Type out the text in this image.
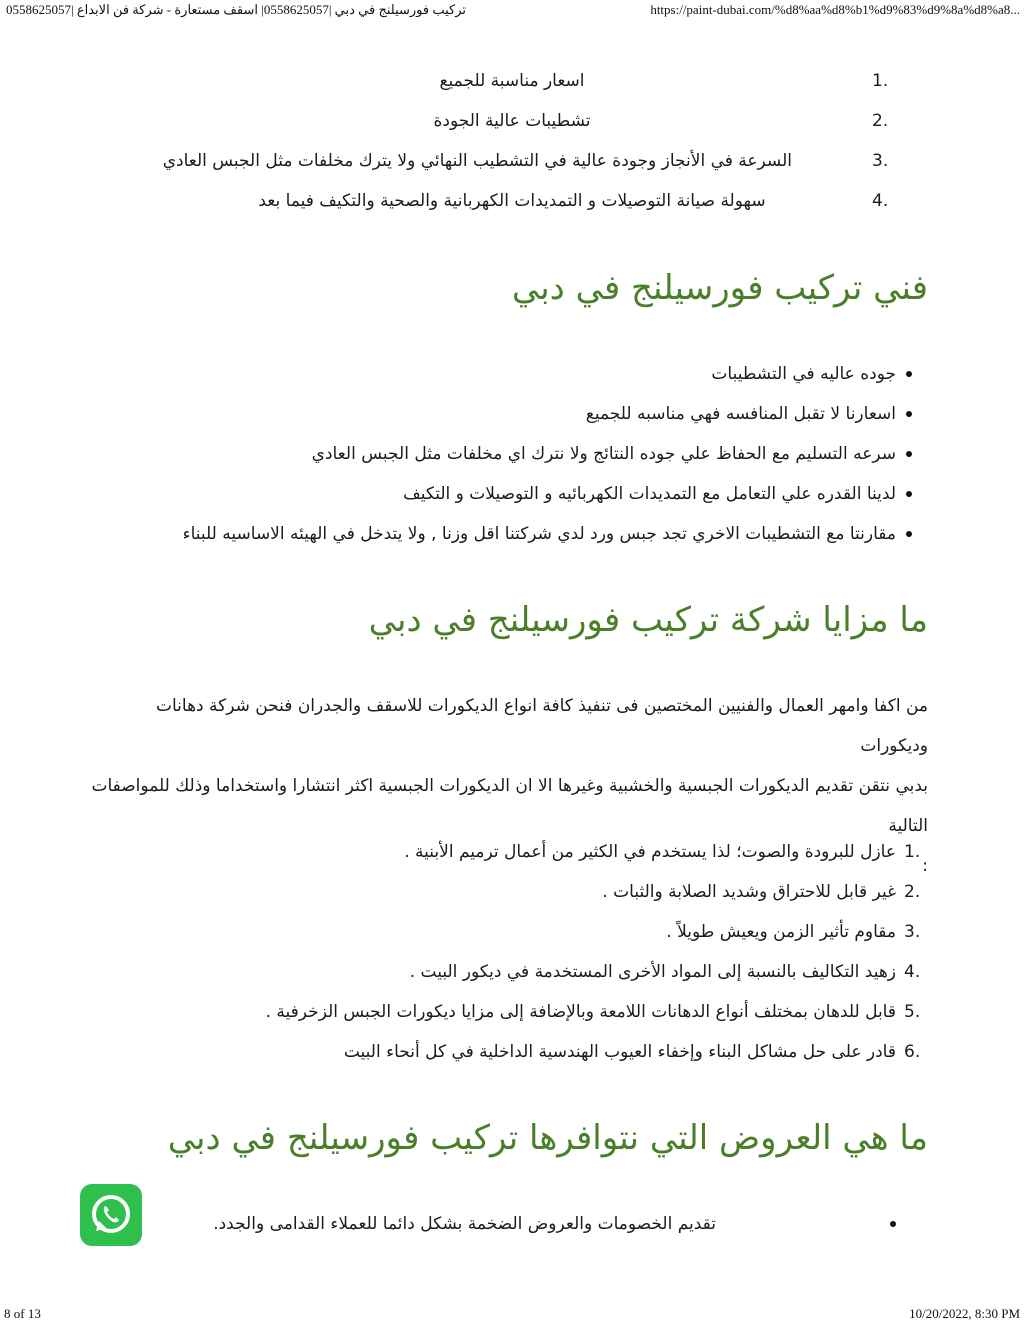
تركيب فورسيلنج في دبي |0558625057| اسقف مستعارة - شركة فن الابداع |0558625057	https://paint-dubai.com/%d8%aa%d8%b1%d9%83%d9%8a%d8%a8...
1.
اسعار مناسبة للجميع
2.
تشطيبات عالية الجودة
3.
السرعة في الأنجاز وجودة عالية في التشطيب النهائي ولا يترك مخلفات مثل الجبس العادي
4.
سهولة صيانة التوصيلات و التمديدات الكهربانية والصحية والتكيف فيما بعد
فني تركيب فورسيلنج في دبي
جوده عاليه في التشطيبات
اسعارنا لا تقبل المنافسه فهي مناسبه للجميع
سرعه التسليم مع الحفاظ علي جوده النتائج ولا نترك اي مخلفات مثل الجبس العادي
لدينا القدره علي التعامل مع التمديدات الكهربائيه و التوصيلات و التكيف
مقارنتا مع التشطيبات الاخري تجد جبس ورد لدي شركتنا اقل وزنا , ولا يتدخل في الهيئه الاساسيه للبناء
ما مزايا شركة تركيب فورسيلنج في دبي
من اكفا وامهر العمال والفنيين المختصين فى تنفيذ كافة انواع الديكورات للاسقف والجدران فنحن شركة دهانات وديكورات
بدبي نتقن تقديم الديكورات الجبسية والخشبية وغيرها الا ان الديكورات الجبسية اكثر انتشارا واستخداما وذلك للمواصفات التالية
:
1.
عازل للبرودة والصوت؛ لذا يستخدم في الكثير من أعمال ترميم الأبنية .
2.
غير قابل للاحتراق وشديد الصلابة والثبات .
3.
مقاوم تأثير الزمن ويعيش طويلاً .
4.
زهيد التكاليف بالنسبة إلى المواد الأخرى المستخدمة في ديكور البيت .
5.
قابل للدهان بمختلف أنواع الدهانات اللامعة وبالإضافة إلى مزايا ديكورات الجبس الزخرفية .
6.
قادر على حل مشاكل البناء وإخفاء العيوب الهندسية الداخلية في كل أنحاء البيت
ما هي العروض التي نتوافرها تركيب فورسيلنج في دبي
تقديم الخصومات والعروض الضخمة بشكل دائما للعملاء القدامى والجدد.
8 of 13	10/20/2022, 8:30 PM
